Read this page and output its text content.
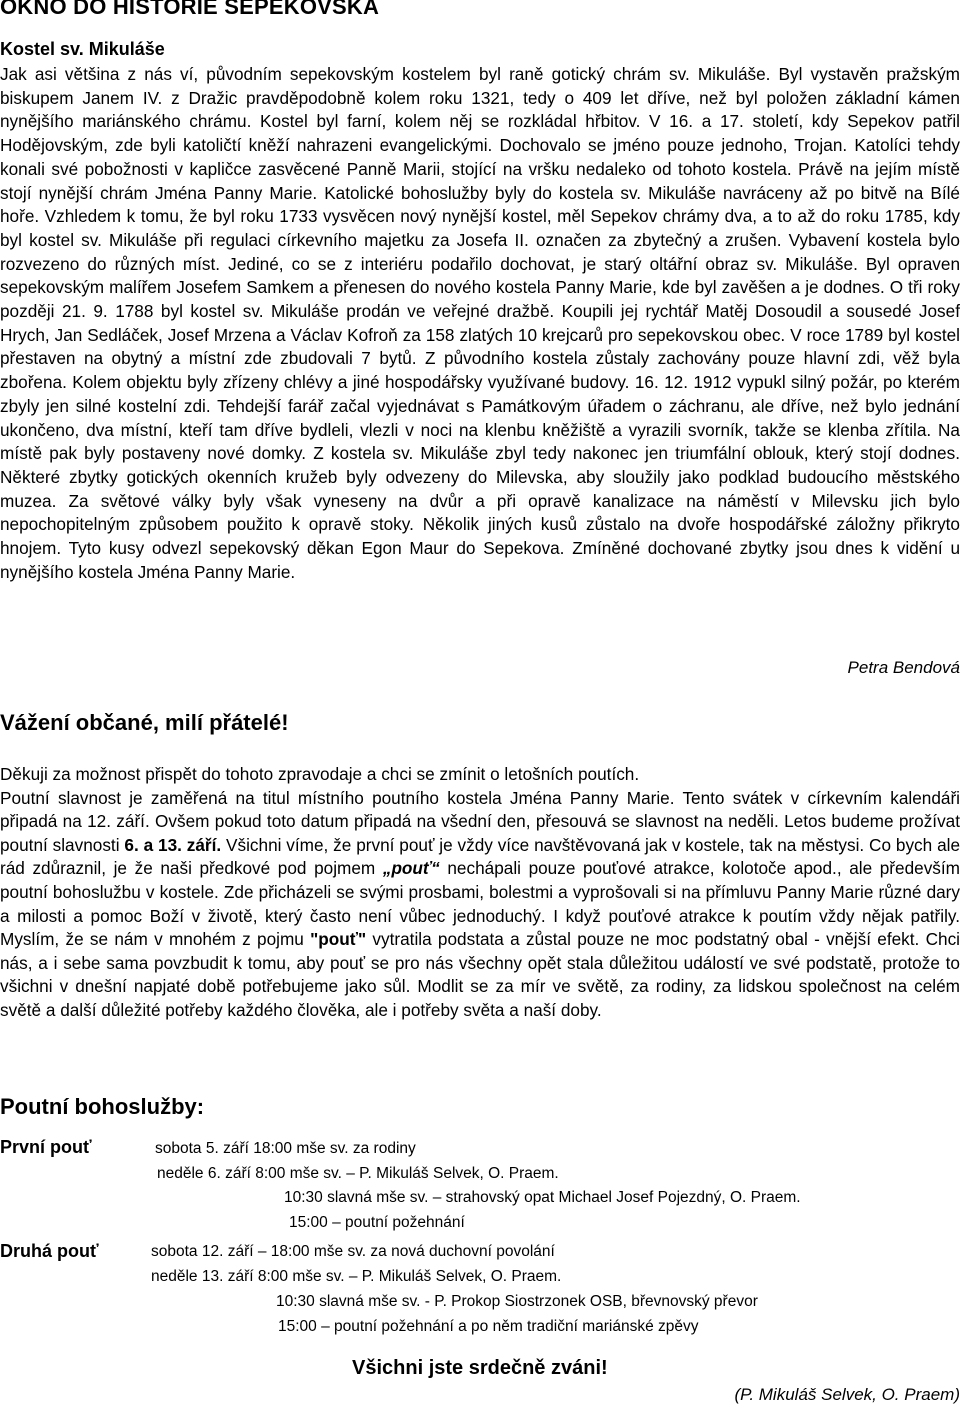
OKNO DO HISTORIE SEPEKOVSKA
Kostel sv. Mikuláše

Jak asi většina z nás ví, původním sepekovským kostelem byl raně gotický chrám sv. Mikuláše. Byl vystavěn pražským biskupem Janem IV. z Dražic pravděpodobně kolem roku 1321, tedy o 409 let dříve, než byl položen základní kámen nynějšího mariánského chrámu. Kostel byl farní, kolem něj se rozkládal hřbitov. V 16. a 17. století, kdy Sepekov patřil Hodějovským, zde byli katoličtí kněží nahrazeni evangelickými. Dochovalo se jméno pouze jednoho, Trojan. Katolíci tehdy konali své pobožnosti v kapličce zasvěcené Panně Marii, stojící na vršku nedaleko od tohoto kostela. Právě na jejím místě stojí nynější chrám Jména Panny Marie. Katolické bohoslužby byly do kostela sv. Mikuláše navráceny až po bitvě na Bílé hoře. Vzhledem k tomu, že byl roku 1733 vysvěcen nový nynější kostel, měl Sepekov chrámy dva, a to až do roku 1785, kdy byl kostel sv. Mikuláše při regulaci církevního majetku za Josefa II. označen za zbytečný a zrušen. Vybavení kostela bylo rozvezeno do různých míst. Jediné, co se z interiéru podařilo dochovat, je starý oltářní obraz sv. Mikuláše. Byl opraven sepekovským malířem Josefem Samkem a přenesen do nového kostela Panny Marie, kde byl zavěšen a je dodnes. O tři roky později 21. 9. 1788 byl kostel sv. Mikuláše prodán ve veřejné dražbě. Koupili jej rychtář Matěj Dosoudil a sousedé Josef Hrych, Jan Sedláček, Josef Mrzena a Václav Kofroň za 158 zlatých 10 krejcarů pro sepekovskou obec. V roce 1789 byl kostel přestaven na obytný a místní zde zbudovali 7 bytů. Z původního kostela zůstaly zachovány pouze hlavní zdi, věž byla zbořena. Kolem objektu byly zřízeny chlévy a jiné hospodářsky využívané budovy. 16. 12. 1912 vypukl silný požár, po kterém zbyly jen silné kostelní zdi. Tehdejší farář začal vyjednávat s Památkovým úřadem o záchranu, ale dříve, než bylo jednání ukončeno, dva místní, kteří tam dříve bydleli, vlezli v noci na klenbu kněžiště a vyrazili svorník, takže se klenba zřítila. Na místě pak byly postaveny nové domky. Z kostela sv. Mikuláše zbyl tedy nakonec jen triumfální oblouk, který stojí dodnes. Některé zbytky gotických okenních kružeb byly odvezeny do Milevska, aby sloužily jako podklad budoucího městského muzea. Za světové války byly však vyneseny na dvůr a při opravě kanalizace na náměstí v Milevsku jich bylo nepochopitelným způsobem použito k opravě stoky. Několik jiných kusů zůstalo na dvoře hospodářské záložny přikryto hnojem. Tyto kusy odvezl sepekovský děkan Egon Maur do Sepekova. Zmíněné dochované zbytky jsou dnes k vidění u nynějšího kostela Jména Panny Marie.

Petra Bendová

Vážení občané, milí přátelé!
Děkuji za možnost přispět do tohoto zpravodaje a chci se zmínit o letošních poutích.
Poutní slavnost je zaměřená na titul místního poutního kostela Jména Panny Marie. Tento svátek v církevním kalendáři připadá na 12. září. Ovšem pokud toto datum připadá na všední den, přesouvá se slavnost na neděli. Letos budeme prožívat poutní slavnosti 6. a 13. září. Všichni víme, že první pouť je vždy více navštěvovaná jak v kostele, tak na městysi. Co bych ale rád zdůraznil, je že naši předkové pod pojmem „pouť“ nechápali pouze pouťové atrakce, kolotoče apod., ale především poutní bohoslužbu v kostele. Zde přicházeli se svými prosbami, bolestmi a vyprošovali si na přímluvu Panny Marie různé dary a milosti a pomoc Boží v životě, který často není vůbec jednoduchý. I když pouťové atrakce k poutím vždy nějak patřily. Myslím, že se nám v mnohém z pojmu "pouť" vytratila podstata a zůstal pouze ne moc podstatný obal - vnější efekt. Chci nás, a i sebe sama povzbudit k tomu, aby pouť se pro nás všechny opět stala důležitou událostí ve své podstatě, protože to všichni v dnešní napjaté době potřebujeme jako sůl. Modlit se za mír ve světě, za rodiny, za lidskou společnost na celém světě a další důležité potřeby každého člověka, ale i potřeby světa a naší doby.
Poutní bohoslužby:
První pouť	sobota 5. září 18:00 mše sv. za rodiny
neděle 6. září 8:00 mše sv. – P. Mikuláš Selvek, O. Praem.
10:30 slavná mše sv. – strahovský opat Michael Josef Pojezdný, O. Praem.
15:00 – poutní požehnání
Druhá pouť	sobota 12. září – 18:00 mše sv. za nová duchovní povolání
neděle 13. září 8:00 mše sv. – P. Mikuláš Selvek, O. Praem.
10:30 slavná mše sv. - P. Prokop Siostrzonek OSB, břevnovský převor
15:00 – poutní požehnání a po něm tradiční mariánské zpěvy
Všichni jste srdečně zváni!
(P. Mikuláš Selvek, O. Praem)
